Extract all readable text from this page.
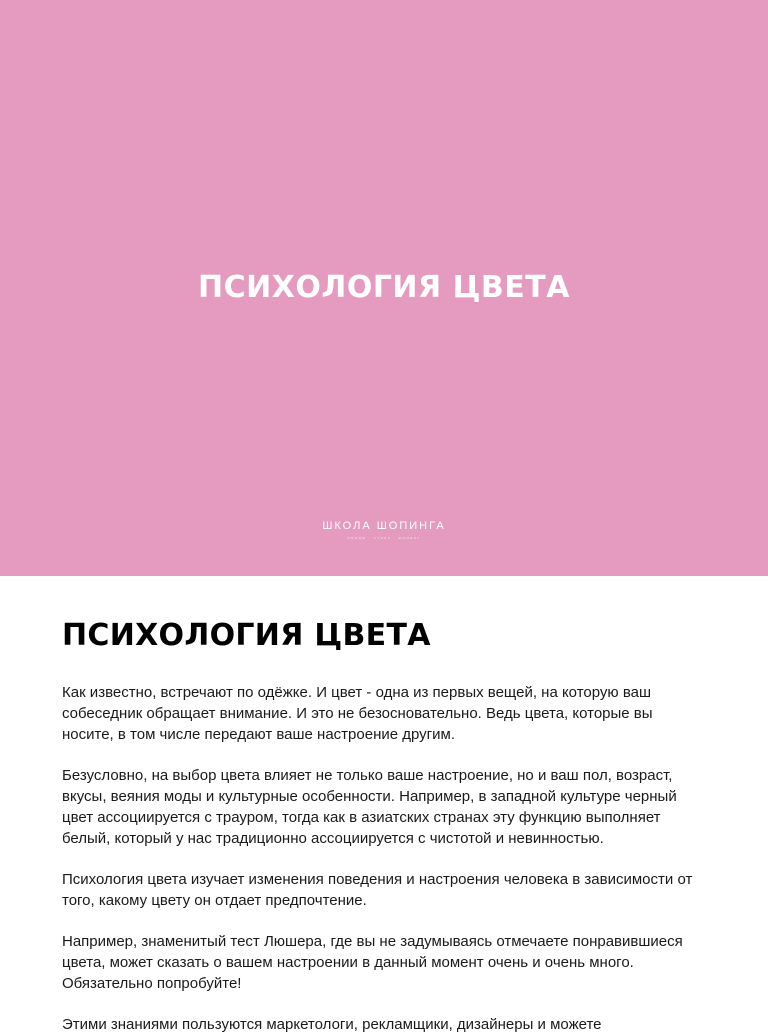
ПСИХОЛОГИЯ ЦВЕТА
ШКОЛА ШОПИНГА
ИМИДЖ · СТИЛЬ · ШОПИНГ
ПСИХОЛОГИЯ ЦВЕТА

Как известно, встречают по одёжке. И цвет - одна из первых вещей, на которую ваш собеседник обращает внимание. И это не безосновательно. Ведь цвета, которые вы носите, в том числе передают ваше настроение другим.

Безусловно, на выбор цвета влияет не только ваше настроение, но и ваш пол, возраст, вкусы, веяния моды и культурные особенности. Например, в западной культуре черный цвет ассоциируется с трауром, тогда как в азиатских странах эту функцию выполняет белый, который у нас традиционно ассоциируется с чистотой и невинностью.

Психология цвета изучает изменения поведения и настроения человека в зависимости от того, какому цвету он отдает предпочтение.

Например, знаменитый тест Люшера, где вы не задумываясь отмечаете понравившиеся цвета, может сказать о вашем настроении в данный момент очень и очень много. Обязательно попробуйте!

Этими знаниями пользуются маркетологи, рекламщики, дизайнеры и можете
